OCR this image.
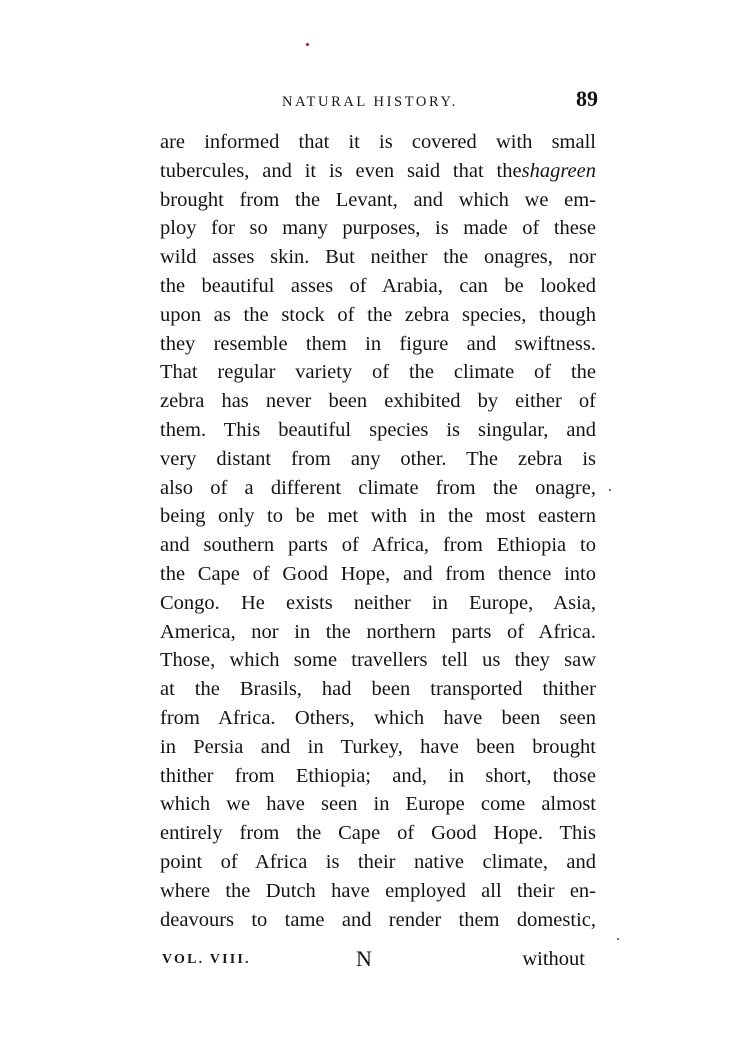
NATURAL HISTORY.	89
are informed that it is covered with small
tubercules, and it is even said that theshagreen
brought from the Levant, and which we em-
ploy for so many purposes, is made of these
wild asses skin. But neither the onagres, nor
the beautiful asses of Arabia, can be looked
upon as the stock of the zebra species, though
they resemble them in figure and swiftness.
That regular variety of the climate of the
zebra has never been exhibited by either of
them. This beautiful species is singular, and
very distant from any other. The zebra is
also of a different climate from the onagre,
being only to be met with in the most eastern
and southern parts of Africa, from Ethiopia to
the Cape of Good Hope, and from thence into
Congo. He exists neither in Europe, Asia,
America, nor in the northern parts of Africa.
Those, which some travellers tell us they saw
at the Brasils, had been transported thither
from Africa. Others, which have been seen
in Persia and in Turkey, have been brought
thither from Ethiopia; and, in short, those
which we have seen in Europe come almost
entirely from the Cape of Good Hope. This
point of Africa is their native climate, and
where the Dutch have employed all their en-
deavours to tame and render them domestic,
VOL. VIII.	N	without
